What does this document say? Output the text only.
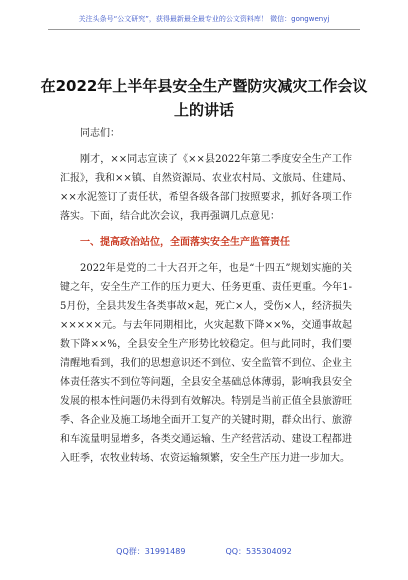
关注头条号“公文研究”，获得最新最全最专业的公文资料库！ 微信：gongwenyj
在2022年上半年县安全生产暨防灾减灾工作会议上的讲话

同志们：

刚才，××同志宣读了《××县2022年第二季度安全生产工作汇报》，我和××镇、自然资源局、农业农村局、文旅局、住建局、××水泥签订了责任状，希望各级各部门按照要求，抓好各项工作落实。下面，结合此次会议，我再强调几点意见：

一、提高政治站位，全面落实安全生产监管责任

2022年是党的二十大召开之年，也是“十四五”规划实施的关键之年，安全生产工作的压力更大、任务更重、责任更重。今年1-5月份，全县共发生各类事故×起，死亡×人，受伤×人，经济损失×××××元。与去年同期相比，火灾起数下降××%，交通事故起数下降××%，全县安全生产形势比较稳定。但与此同时，我们要清醒地看到，我们的思想意识还不到位、安全监管不到位、企业主体责任落实不到位等问题，全县安全基础总体薄弱，影响我县安全发展的根本性问题仍未得到有效解决。特别是当前正值全县旅游旺季、各企业及施工场地全面开工复产的关键时期，群众出行、旅游和车流量明显增多，各类交通运输、生产经营活动、建设工程都进入旺季，农牧业转场、农资运输频繁，安全生产压力进一步加大。

QQ群：31991489	QQ：535304092
